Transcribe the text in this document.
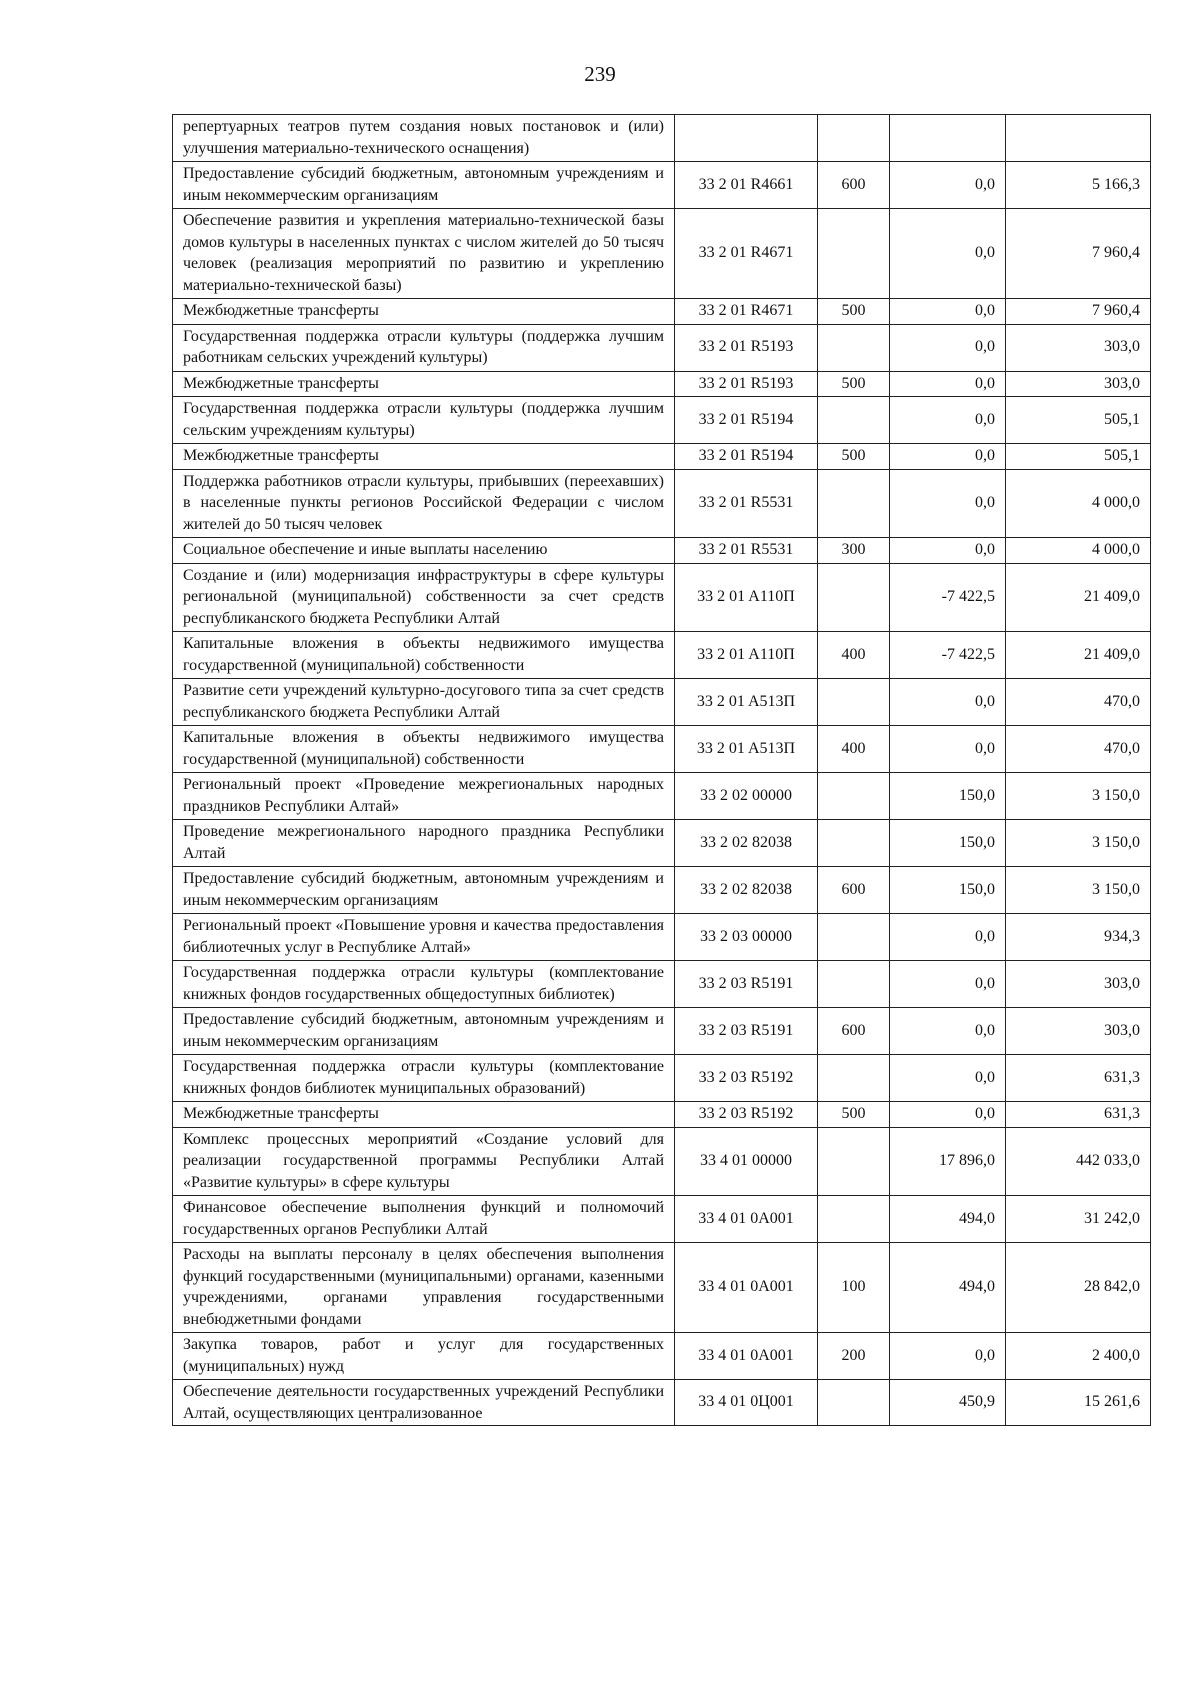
239
репертуарных театров путем создания новых постановок и (или) улучшения материально-технического оснащения)				
Предоставление субсидий бюджетным, автономным учреждениям и иным некоммерческим организациям	33 2 01 R4661	600	0,0	5 166,3
Обеспечение развития и укрепления материально-технической базы домов культуры в населенных пунктах с числом жителей до 50 тысяч человек (реализация мероприятий по развитию и укреплению материально-технической базы)	33 2 01 R4671		0,0	7 960,4
Межбюджетные трансферты	33 2 01 R4671	500	0,0	7 960,4
Государственная поддержка отрасли культуры (поддержка лучшим работникам сельских учреждений культуры)	33 2 01 R5193		0,0	303,0
Межбюджетные трансферты	33 2 01 R5193	500	0,0	303,0
Государственная поддержка отрасли культуры (поддержка лучшим сельским учреждениям культуры)	33 2 01 R5194		0,0	505,1
Межбюджетные трансферты	33 2 01 R5194	500	0,0	505,1
Поддержка работников отрасли культуры, прибывших (переехавших) в населенные пункты регионов Российской Федерации с числом жителей до 50 тысяч человек	33 2 01 R5531		0,0	4 000,0
Социальное обеспечение и иные выплаты населению	33 2 01 R5531	300	0,0	4 000,0
Создание и (или) модернизация инфраструктуры в сфере культуры региональной (муниципальной) собственности за счет средств республиканского бюджета Республики Алтай	33 2 01 A110П		-7 422,5	21 409,0
Капитальные вложения в объекты недвижимого имущества государственной (муниципальной) собственности	33 2 01 A110П	400	-7 422,5	21 409,0
Развитие сети учреждений культурно-досугового типа за счет средств республиканского бюджета Республики Алтай	33 2 01 A513П		0,0	470,0
Капитальные вложения в объекты недвижимого имущества государственной (муниципальной) собственности	33 2 01 A513П	400	0,0	470,0
Региональный проект «Проведение межрегиональных народных праздников Республики Алтай»	33 2 02 00000		150,0	3 150,0
Проведение межрегионального народного праздника Республики Алтай	33 2 02 82038		150,0	3 150,0
Предоставление субсидий бюджетным, автономным учреждениям и иным некоммерческим организациям	33 2 02 82038	600	150,0	3 150,0
Региональный проект «Повышение уровня и качества предоставления библиотечных услуг в Республике Алтай»	33 2 03 00000		0,0	934,3
Государственная поддержка отрасли культуры (комплектование книжных фондов государственных общедоступных библиотек)	33 2 03 R5191		0,0	303,0
Предоставление субсидий бюджетным, автономным учреждениям и иным некоммерческим организациям	33 2 03 R5191	600	0,0	303,0
Государственная поддержка отрасли культуры (комплектование книжных фондов библиотек муниципальных образований)	33 2 03 R5192		0,0	631,3
Межбюджетные трансферты	33 2 03 R5192	500	0,0	631,3
Комплекс процессных мероприятий «Создание условий для реализации государственной программы Республики Алтай «Развитие культуры» в сфере культуры	33 4 01 00000		17 896,0	442 033,0
Финансовое обеспечение выполнения функций и полномочий государственных органов Республики Алтай	33 4 01 0A001		494,0	31 242,0
Расходы на выплаты персоналу в целях обеспечения выполнения функций государственными (муниципальными) органами, казенными учреждениями, органами управления государственными внебюджетными фондами	33 4 01 0A001	100	494,0	28 842,0
Закупка товаров, работ и услуг для государственных (муниципальных) нужд	33 4 01 0A001	200	0,0	2 400,0

Обеспечение деятельности государственных учреждений Республики Алтай, осуществляющих централизованное	33 4 01 0Ц001		450,9	15 261,6
